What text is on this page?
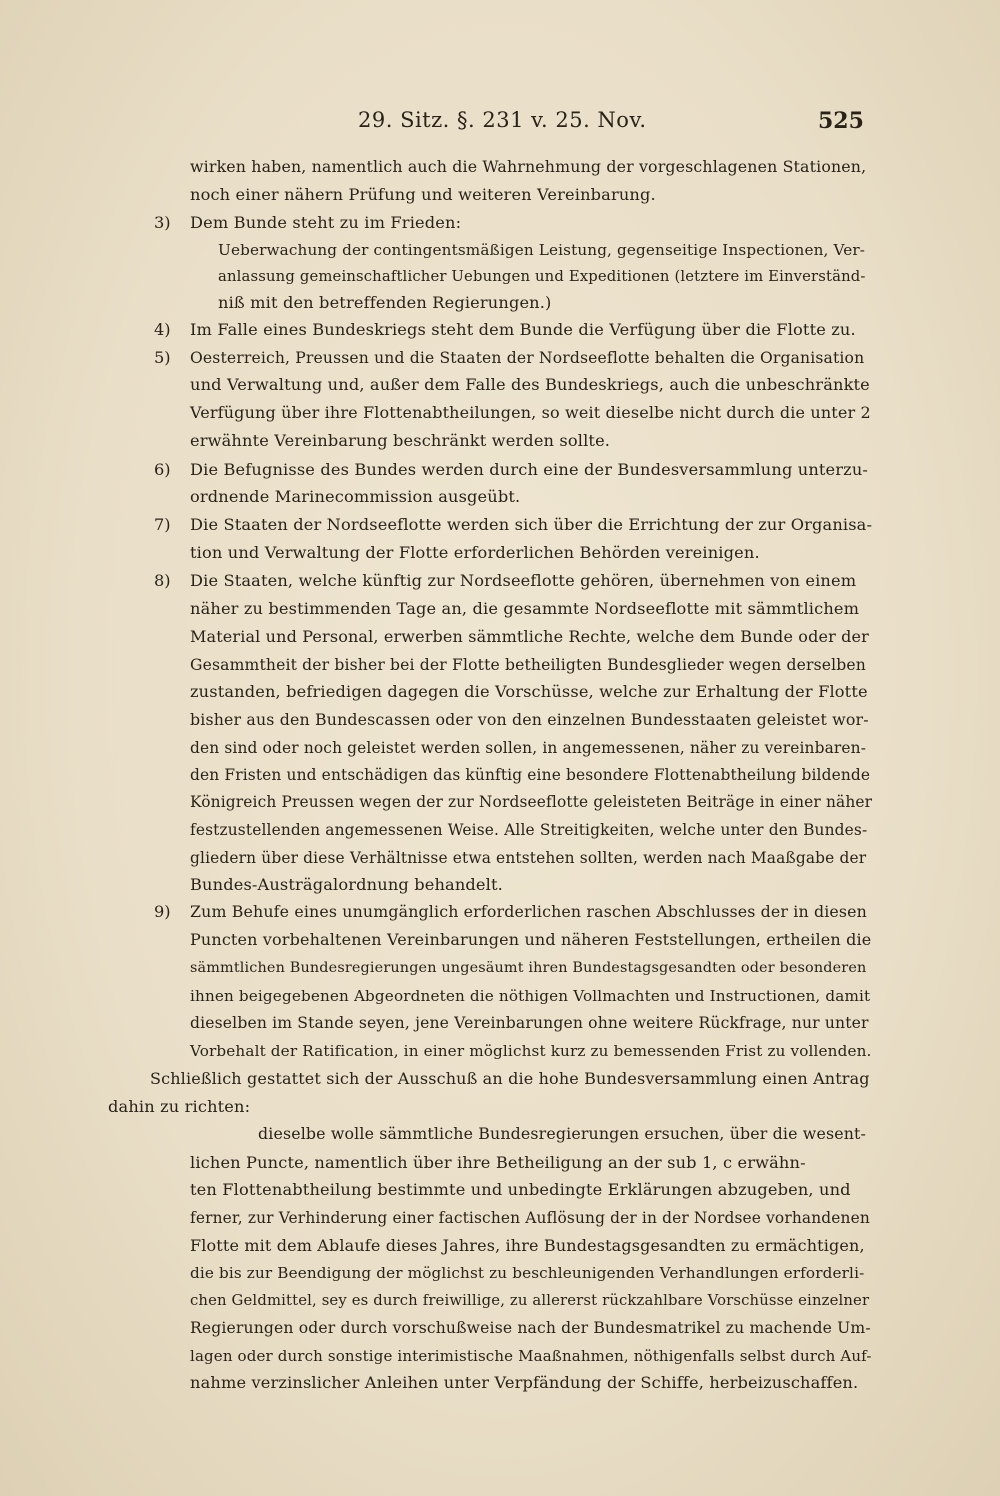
29. Sitz. §. 231 v. 25. Nov.	525
3)
4)
5)
6)
7)
8)
9)
wirken haben, namentlich auch die Wahrnehmung der vorgeschlagenen Stationen,
noch einer nähern Prüfung und weiteren Vereinbarung.
Dem Bunde steht zu im Frieden:
Ueberwachung der contingentsmäßigen Leistung, gegenseitige Inspectionen, Ver-
anlassung gemeinschaftlicher Uebungen und Expeditionen (letztere im Einverständ-
niß mit den betreffenden Regierungen.)
Im Falle eines Bundeskriegs steht dem Bunde die Verfügung über die Flotte zu.
Oesterreich, Preussen und die Staaten der Nordseeflotte behalten die Organisation
und Verwaltung und, außer dem Falle des Bundeskriegs, auch die unbeschränkte
Verfügung über ihre Flottenabtheilungen, so weit dieselbe nicht durch die unter 2
erwähnte Vereinbarung beschränkt werden sollte.
Die Befugnisse des Bundes werden durch eine der Bundesversammlung unterzu-
ordnende Marinecommission ausgeübt.
Die Staaten der Nordseeflotte werden sich über die Errichtung der zur Organisa-
tion und Verwaltung der Flotte erforderlichen Behörden vereinigen.
Die Staaten, welche künftig zur Nordseeflotte gehören, übernehmen von einem
näher zu bestimmenden Tage an, die gesammte Nordseeflotte mit sämmtlichem
Material und Personal, erwerben sämmtliche Rechte, welche dem Bunde oder der
Gesammtheit der bisher bei der Flotte betheiligten Bundesglieder wegen derselben
zustanden, befriedigen dagegen die Vorschüsse, welche zur Erhaltung der Flotte
bisher aus den Bundescassen oder von den einzelnen Bundesstaaten geleistet wor-
den sind oder noch geleistet werden sollen, in angemessenen, näher zu vereinbaren-
den Fristen und entschädigen das künftig eine besondere Flottenabtheilung bildende
Königreich Preussen wegen der zur Nordseeflotte geleisteten Beiträge in einer näher
festzustellenden angemessenen Weise. Alle Streitigkeiten, welche unter den Bundes-
gliedern über diese Verhältnisse etwa entstehen sollten, werden nach Maaßgabe der
Bundes-Austrägalordnung behandelt.
Zum Behufe eines unumgänglich erforderlichen raschen Abschlusses der in diesen
Puncten vorbehaltenen Vereinbarungen und näheren Feststellungen, ertheilen die
sämmtlichen Bundesregierungen ungesäumt ihren Bundestagsgesandten oder besonderen
ihnen beigegebenen Abgeordneten die nöthigen Vollmachten und Instructionen, damit
dieselben im Stande seyen, jene Vereinbarungen ohne weitere Rückfrage, nur unter
Vorbehalt der Ratification, in einer möglichst kurz zu bemessenden Frist zu vollenden.
Schließlich gestattet sich der Ausschuß an die hohe Bundesversammlung einen Antrag
dahin zu richten:
dieselbe wolle sämmtliche Bundesregierungen ersuchen, über die wesent-
lichen Puncte, namentlich über ihre Betheiligung an der sub 1, c erwähn-
ten Flottenabtheilung bestimmte und unbedingte Erklärungen abzugeben, und
ferner, zur Verhinderung einer factischen Auflösung der in der Nordsee vorhandenen
Flotte mit dem Ablaufe dieses Jahres, ihre Bundestagsgesandten zu ermächtigen,
die bis zur Beendigung der möglichst zu beschleunigenden Verhandlungen erforderli-
chen Geldmittel, sey es durch freiwillige, zu allererst rückzahlbare Vorschüsse einzelner
Regierungen oder durch vorschußweise nach der Bundesmatrikel zu machende Um-
lagen oder durch sonstige interimistische Maaßnahmen, nöthigenfalls selbst durch Auf-
nahme verzinslicher Anleihen unter Verpfändung der Schiffe, herbeizuschaffen.
